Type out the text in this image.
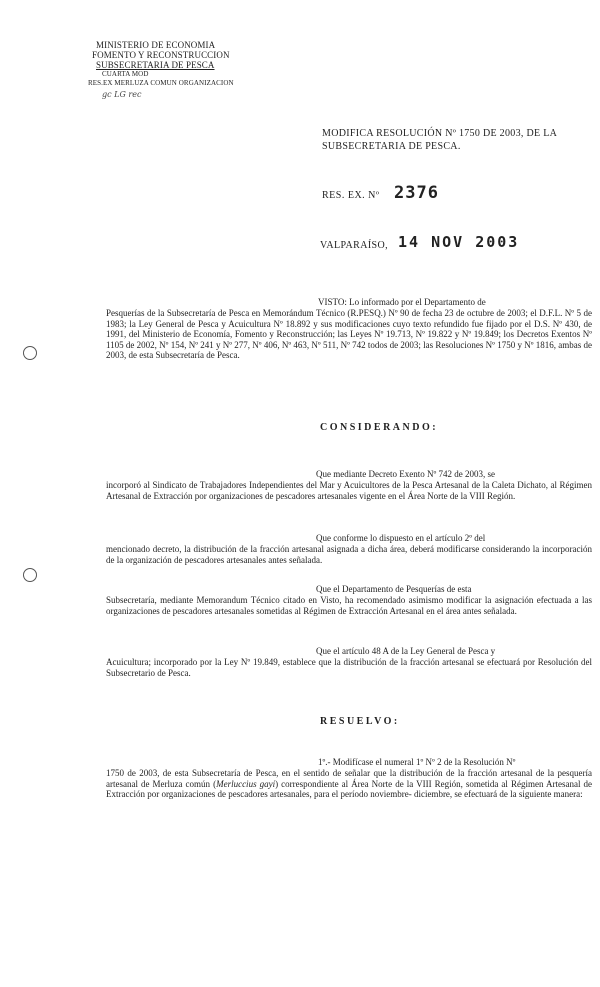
MINISTERIO DE ECONOMIA
FOMENTO Y RECONSTRUCCION
SUBSECRETARIA DE PESCA
CUARTA MOD
RES.EX MERLUZA COMUN ORGANIZACION
gc LG rec
MODIFICA RESOLUCIÓN Nº 1750 DE 2003, DE LA
SUBSECRETARIA DE PESCA.
RES. EX. Nº 2376
VALPARAÍSO, 14 NOV 2003
VISTO: Lo informado por el Departamento de
Pesquerías de la Subsecretaría de Pesca en Memorándum Técnico (R.PESQ.) Nº 90 de fecha 23 de octubre de 2003; el D.F.L. Nº 5 de 1983; la Ley General de Pesca y Acuicultura Nº 18.892 y sus modificaciones cuyo texto refundido fue fijado por el D.S. Nº 430, de 1991, del Ministerio de Economía, Fomento y Reconstrucción; las Leyes Nº 19.713, Nº 19.822 y Nº 19.849; los Decretos Exentos Nº 1105 de 2002, Nº 154, Nº 241 y Nº 277, Nº 406, Nº 463, Nº 511, Nº 742 todos de 2003; las Resoluciones Nº 1750 y Nº 1816, ambas de 2003, de esta Subsecretaría de Pesca.
CONSIDERANDO:
Que mediante Decreto Exento Nº 742 de 2003, se
incorporó al Sindicato de Trabajadores Independientes del Mar y Acuicultores de la Pesca Artesanal de la Caleta Dichato, al Régimen Artesanal de Extracción por organizaciones de pescadores artesanales vigente en el Área Norte de la VIII Región.
Que conforme lo dispuesto en el artículo 2º del
mencionado decreto, la distribución de la fracción artesanal asignada a dicha área, deberá modificarse considerando la incorporación de la organización de pescadores artesanales antes señalada.
Que el Departamento de Pesquerías de esta
Subsecretaría, mediante Memorandum Técnico citado en Visto, ha recomendado asimismo modificar la asignación efectuada a las organizaciones de pescadores artesanales sometidas al Régimen de Extracción Artesanal en el área antes señalada.
Que el artículo 48 A de la Ley General de Pesca y
Acuicultura; incorporado por la Ley Nº 19.849, establece que la distribución de la fracción artesanal se efectuará por Resolución del Subsecretario de Pesca.
RESUELVO:
1º.- Modifícase el numeral 1º Nº 2 de la Resolución Nº
1750 de 2003, de esta Subsecretaría de Pesca, en el sentido de señalar que la distribución de la fracción artesanal de la pesquería artesanal de Merluza común (Merluccius gayi) correspondiente al Área Norte de la VIII Región, sometida al Régimen Artesanal de Extracción por organizaciones de pescadores artesanales, para el período noviembre- diciembre, se efectuará de la siguiente manera:
